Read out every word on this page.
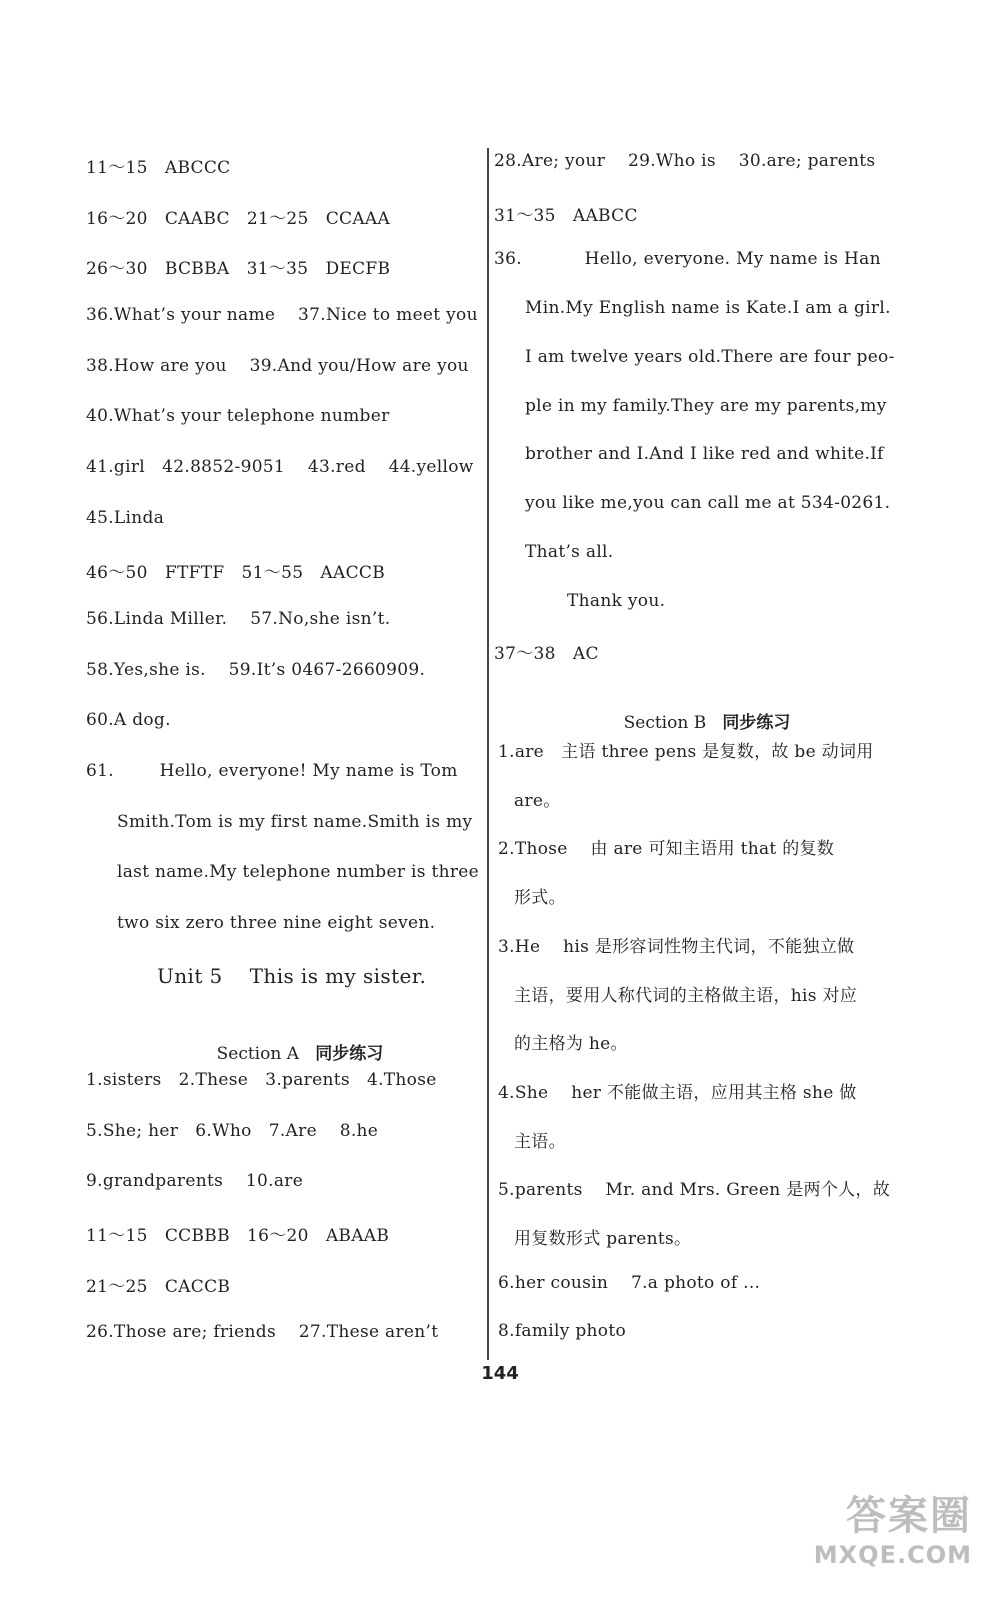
11～15   ABCCC
16～20   CAABC   21～25   CCAAA
26～30   BCBBA   31～35   DECFB
36.What’s your name    37.Nice to meet you
38.How are you    39.And you/How are you
40.What’s your telephone number
41.girl   42.8852-9051    43.red    44.yellow
45.Linda
46～50   FTFTF   51～55   AACCB
56.Linda Miller.    57.No,she isn’t.
58.Yes,she is.    59.It’s 0467-2660909.
60.A dog.
61.        Hello, everyone! My name is Tom
Smith.Tom is my first name.Smith is my
last name.My telephone number is three
two six zero three nine eight seven.
Unit 5    This is my sister.

Section A 同步练习

1.sisters   2.These   3.parents   4.Those
5.She; her   6.Who   7.Are    8.he
9.grandparents    10.are
11～15   CCBBB   16～20   ABAAB
21～25   CACCB
26.Those are; friends    27.These aren’t
28.Are; your    29.Who is    30.are; parents
31～35   AABCC
36.           Hello, everyone. My name is Han
Min.My English name is Kate.I am a girl.
I am twelve years old.There are four peo-
ple in my family.They are my parents,my
brother and I.And I like red and white.If
you like me,you can call me at 534-0261.
That’s all.
Thank you.
37～38   AC

Section B 同步练习

1.are   主语 three pens 是复数，故 be 动词用
are。
2.Those    由 are 可知主语用 that 的复数
形式。
3.He    his 是形容词性物主代词，不能独立做
主语，要用人称代词的主格做主语，his 对应
的主格为 he。
4.She    her 不能做主语，应用其主格 she 做
主语。
5.parents    Mr. and Mrs. Green 是两个人，故
用复数形式 parents。
6.her cousin    7.a photo of ...
8.family photo
144
答案圈
MXQE.COM
